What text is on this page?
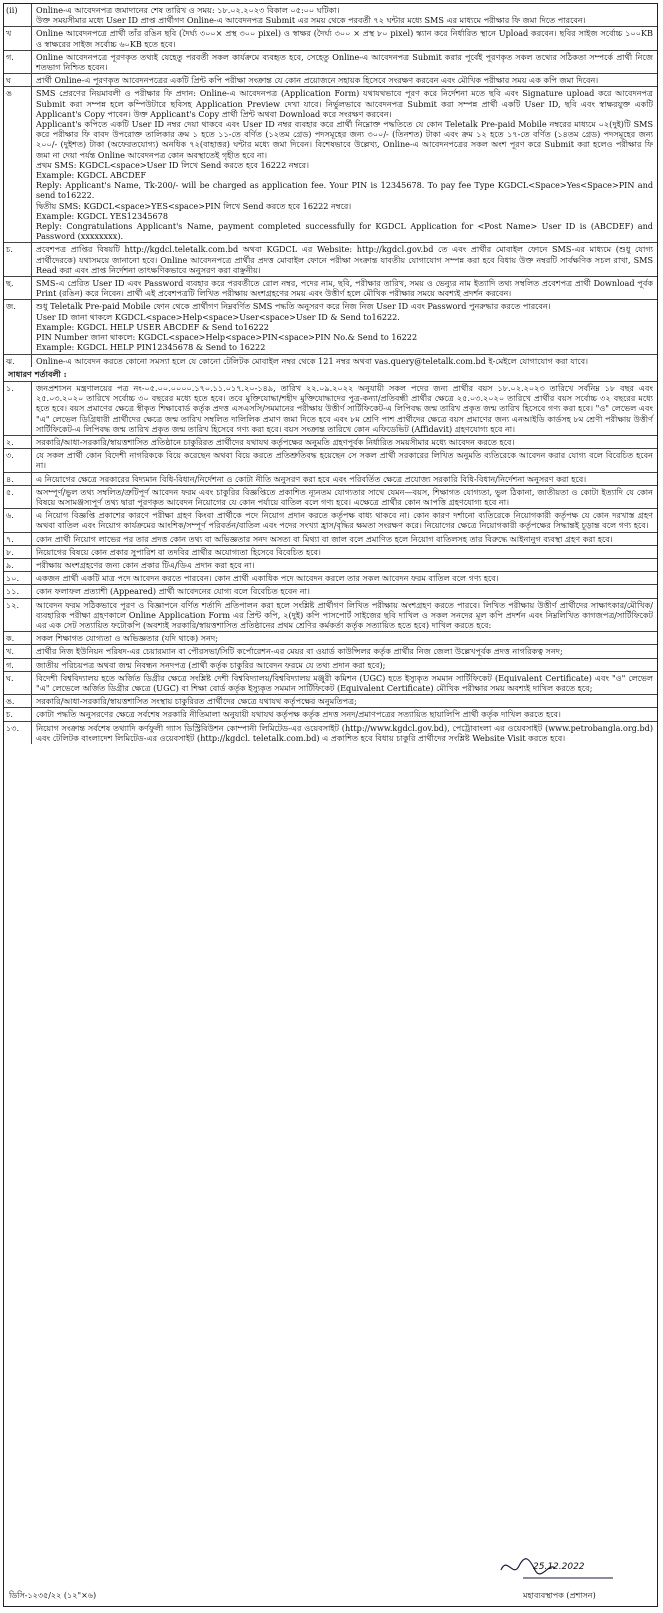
(ii)	Online-এ আবেদনপত্র জমাদানের শেষ তারিখ ও সময়: ১৮.০২.২০২৩ বিকাল ০৫:০০ ঘটিকা।

উক্ত সময়সীমার মধ্যে User ID প্রাপ্ত প্রার্থীগণ Online-এ আবেদনপত্র Submit এর সময় থেকে পরবর্তী ৭২ ঘন্টার মধ্যে SMS এর মাধ্যমে পরীক্ষার ফি জমা দিতে পারবেন।

খ	Online আবেদনপত্রে প্রার্থী তাঁর রঙিন ছবি (দৈর্ঘ্য ৩০০× প্রস্থ ৩০০ pixel) ও স্বাক্ষর (দৈর্ঘ্য ৩০০ × প্রস্থ ৮০ pixel) স্ক্যান করে নির্ধারিত স্থানে Upload করবেন। ছবির সাইজ সর্বোচ্চ ১০০KB ও স্বাক্ষরের সাইজ সর্বোচ্চ ৬০KB হতে হবে।

গ.	Online আবেদনপত্রে পূরণকৃত তথ্যই যেহেতু পরবর্তী সকল কার্যক্রমে ব্যবহৃত হবে, সেহেতু Online-এ আবেদনপত্র Submit করার পূর্বেই পূরণকৃত সকল তথ্যের সঠিকতা সম্পর্কে প্রার্থী নিজে শতভাগ নিশ্চিত হবেন।

ঘ	প্রার্থী Online-এ পূরণকৃত আবেদনপত্রের একটি প্রিন্ট কপি পরীক্ষা সংক্রান্ত যে কোন প্রয়োজনে সহায়ক হিসেবে সংরক্ষণ করবেন এবং মৌখিক পরীক্ষার সময় এক কপি জমা দিবেন।

ঙ	SMS প্রেরণের নিয়মাবলী ও পরীক্ষার ফি প্রদান: Online-এ আবেদনপত্র (Application Form) যথাযথভাবে পূরণ করে নির্দেশনা মতে ছবি এবং Signature upload করে আবেদনপত্র Submit করা সম্পন্ন হলে কম্পিউটারে ছবিসহ Application Preview দেখা যাবে। নির্ভুলভাবে আবেদনপত্র Submit করা সম্পন্ন প্রার্থী একটি User ID, ছবি এবং স্বাক্ষরযুক্ত একটি Applicant's Copy পাবেন। উক্ত Applicant's Copy প্রার্থী প্রিন্ট অথবা Download করে সংরক্ষণ করবেন।

Applicant's কপিতে একটি User ID নম্বর দেয়া থাকবে এবং User ID নম্বর ব্যবহার করে প্রার্থী নিম্নোক্ত পদ্ধতিতে যে কোন Teletalk Pre-paid Mobile নম্বরের মাধ্যমে ০২(দুই)টি SMS করে পরীক্ষার ফি বাবদ উপরোক্ত তালিকার ক্রম ১ হতে ১১-তে বর্ণিত (১২তম গ্রেড) পদসমূহের জন্য ৩০০/- (তিনশত) টাকা এবং ক্রম ১২ হতে ১৭-তে বর্ণিত (১৪তম গ্রেড) পদসমূহের জন্য ২০০/- (দুইশত) টাকা (অফেরতযোগ্য) অনধিক ৭২(বাহাত্তর) ঘন্টার মধ্যে জমা দিবেন। বিশেষভাবে উল্লেখ্য, Online-এ আবেদনপত্রের সকল অংশ পূরণ করে Submit করা হলেও পরীক্ষার ফি জমা না দেয়া পর্যন্ত Online আবেদনপত্র কোন অবস্থাতেই গৃহীত হবে না।

প্রথম SMS: KGDCL<space>User ID লিখে Send করতে হবে 16222 নম্বরে।

Example: KGDCL ABCDEF

Reply: Applicant's Name, Tk-200/- will be charged as application fee. Your PIN is 12345678. To pay fee Type KGDCL<Space>Yes<Space>PIN and send to16222.

দ্বিতীয় SMS: KGDCL<space>YES<space>PIN লিখে Send করতে হবে 16222 নম্বরে।

Example: KGDCL YES12345678

Reply: Congratulations Applicant's Name, payment completed successfully for KGDCL Application for <Post Name> User ID is (ABCDEF) and Password (xxxxxxxx).

চ.	প্রবেশপত্র প্রাপ্তির বিষয়টি http://kgdcl.teletalk.com.bd অথবা KGDCL এর Website: http://kgdcl.gov.bd তে এবং প্রার্থীর মোবাইল ফোনে SMS-এর মাধ্যমে (শুধু যোগ্য প্রার্থীদেরকে) যথাসময়ে জানানো হবে। Online আবেদনপত্রে প্রার্থীর প্রদত্ত মোবাইল ফোনে পরীক্ষা সংক্রান্ত যাবতীয় যোগাযোগ সম্পন্ন করা হবে বিধায় উক্ত নম্বরটি সার্বক্ষণিক সচল রাখা, SMS Read করা এবং প্রাপ্ত নির্দেশনা তাৎক্ষণিকভাবে অনুসরণ করা বাঞ্ছনীয়।

ছ.	SMS-এ প্রেরিত User ID এবং Password ব্যবহার করে পরবর্তীতে রোল নম্বর, পদের নাম, ছবি, পরীক্ষার তারিখ, সময় ও ভেন্যুর নাম ইত্যাদি তথ্য সম্বলিত প্রবেশপত্র প্রার্থী Download পূর্বক Print (রঙিন) করে নিবেন। প্রার্থী এই প্রবেশপত্রটি লিখিত পরীক্ষায় অংশগ্রহণের সময় এবং উত্তীর্ণ হলে মৌখিক পরীক্ষার সময়ে অবশ্যই প্রদর্শন করবেন।

জ.	শুধু Teletalk Pre-paid Mobile ফোন থেকে প্রার্থীগণ নিম্নবর্ণিত SMS পদ্ধতি অনুসরণ করে নিজ নিজ User ID এবং Password পুনরুদ্ধার করতে পারবেন।

User ID জানা থাকলে KGDCL<space>Help<space>User<space>User ID & Send to16222.

Example: KGDCL HELP USER ABCDEF & Send to16222

PIN Number জানা থাকলে: KGDCL<space>Help<space>PIN<space>PIN No.& Send to 16222

Example: KGDCL HELP PIN12345678 & Send to 16222

ঝ.	Online-এ আবেদন করতে কোনো সমস্যা হলে যে কোনো টেলিটক মোবাইল নম্বর থেকে 121 নম্বর অথবা vas.query@teletalk.com.bd ই-মেইলে যোগাযোগ করা যাবে।

সাধারণ শর্তাবলী :
১.	জনপ্রশাসন মন্ত্রণালয়ের পত্র নং-০৫.০০.০০০০.১৭০.১১.০১৭.২০-১৪৯, তারিখ ২২.০৯.২০২২ অনুযায়ী সকল পদের জন্য প্রার্থীর বয়স ১৮.০২.২০২৩ তারিখে সর্বনিম্ন ১৮ বছর এবং ২৫.০৩.২০২০ তারিখে সর্বোচ্চ ৩০ বছরের মধ্যে হতে হবে। তবে মুক্তিযোদ্ধা/শহীদ মুক্তিযোদ্ধাদের পুত্র-কন্যা/প্রতিবন্ধী প্রার্থীর ক্ষেত্রে ২৫.০৩.২০২০ তারিখে প্রার্থীর বয়স সর্বোচ্চ ৩২ বছরের মধ্যে হতে হবে। বয়স প্রমাণের ক্ষেত্রে স্বীকৃত শিক্ষাবোর্ড কর্তৃক প্রদত্ত এসএসসি/সমমানের পরীক্ষায় উত্তীর্ণ সার্টিফিকেট-এ লিপিবদ্ধ জন্ম তারিখ প্রকৃত জন্ম তারিখ হিসেবে গণ্য করা হবে। "ও" লেভেল এবং "এ" লেভেল ডিগ্রিধারী প্রার্থীদের ক্ষেত্রে জন্ম তারিখ সম্বলিত দালিলিক প্রমাণ জমা দিতে হবে এবং ৮ম শ্রেণি পাশ প্রার্থীদের ক্ষেত্রে বয়স প্রমাণের জন্য এনআইডি কার্ডসহ ৮ম শ্রেণী পরীক্ষায় উত্তীর্ণ সার্টিফিকেট-এ লিপিবদ্ধ জন্ম তারিখ প্রকৃত জন্ম তারিখ হিসেবে গণ্য করা হবে। বয়স সংক্রান্ত তারিখে কোন এফিডেভিট (Affidavit) গ্রহণযোগ্য হবে না।

২.	সরকারি/আধা-সরকারি/স্বায়ত্তশাসিত প্রতিষ্ঠানে চাকুরিরত প্রার্থীদের যথাযথ কর্তৃপক্ষের অনুমতি গ্রহণপূর্বক নির্ধারিত সময়সীমার মধ্যে আবেদন করতে হবে।

৩.	যে সকল প্রার্থী কোন বিদেশী নাগরিককে বিয়ে করেছেন অথবা বিয়ে করতে প্রতিশ্রুতিবদ্ধ হয়েছেন সে সকল প্রার্থী সরকারের লিখিত অনুমতি ব্যতিরেকে আবেদন করার যোগ্য বলে বিবেচিত হবেন না।

৪.	এ নিয়োগের ক্ষেত্রে সরকারের বিদ্যমান বিধি-বিধান/নির্দেশনা ও কোটা নীতি অনুসরণ করা হবে এবং পরিবর্তিত ক্ষেত্রে প্রযোজ্য সরকারি বিধি-বিধান/নির্দেশনা অনুসরণ করা হবে।

৫.	অসম্পূর্ণ/ভুল তথ্য সম্বলিত/ত্রুটিপূর্ণ আবেদন ফরম এবং চাকুরির বিজ্ঞপ্তিতে প্রকাশিত ন্যূনতম যোগ্যতার সাথে যেমন—বয়স, শিক্ষাগত যোগ্যতা, ভুল ঠিকানা, জাতীয়তা ও কোটা ইত্যাদি যে কোন বিষয়ে অসামঞ্জস্যপূর্ণ তথ্য দ্বারা পূরণকৃত আবেদন নিয়োগের যে কোন পর্যায়ে বাতিল বলে গণ্য হবে। এক্ষেত্রে প্রার্থীর কোন আপত্তি গ্রহণযোগ্য হবে না।

৬.	এ নিয়োগ বিজ্ঞপ্তি প্রকাশের কারণে পরীক্ষা গ্রহণ কিংবা প্রার্থীকে পদে নিয়োগ প্রদান করতে কর্তৃপক্ষ বাধ্য থাকবে না। কোন কারণ দর্শানো ব্যতিরেকে নিয়োগকারী কর্তৃপক্ষ যে কোন দরখাস্ত গ্রহণ অথবা বাতিল এবং নিয়োগ কার্যক্রমের আংশিক/সম্পূর্ণ পরিবর্তন/বাতিল এবং পদের সংখ্যা হ্রাস/বৃদ্ধির ক্ষমতা সংরক্ষণ করে। নিয়োগের ক্ষেত্রে নিয়োগকারী কর্তৃপক্ষের সিদ্ধান্তই চূড়ান্ত বলে গণ্য হবে।

৭.	কোন প্রার্থী নিয়োগ লাভের পর তার প্রদত্ত কোন তথ্য বা অভিজ্ঞতার সনদ অসত্য বা মিথ্যা বা জাল বলে প্রমাণিত হলে নিয়োগ বাতিলসহ তার বিরুদ্ধে আইনানুগ ব্যবস্থা গ্রহণ করা হবে।

৮.	নিয়োগের বিষয়ে কোন প্রকার সুপারিশ বা তদবির প্রার্থীর অযোগ্যতা হিসেবে বিবেচিত হবে।

৯.	পরীক্ষায় অংশগ্রহণের জন্য কোন প্রকার টিএ/ডিএ প্রদান করা হবে না।

১০.	একজন প্রার্থী একটি মাত্র পদে আবেদন করতে পারবেন। কোন প্রার্থী একাধিক পদে আবেদন করলে তার সকল আবেদন ফরম বাতিল বলে গণ্য হবে।

১১.	কোন ফলাফল প্রত্যাশী (Appeared) প্রার্থী আবেদনের যোগ্য বলে বিবেচিত হবেন না।

১২.	আবেদন ফরম সঠিকভাবে পূরণ ও বিজ্ঞাপনে বর্ণিত শর্তাদি প্রতিপালন করা হলে সংশ্লিষ্ট প্রার্থীগণ লিখিত পরীক্ষায় অংশগ্রহণ করতে পারবে। লিখিত পরীক্ষায় উত্তীর্ণ প্রার্থীদের সাক্ষাৎকার/মৌখিক/ব্যবহারিক পরীক্ষা গ্রহণকালে Online Application Form এর প্রিন্ট কপি, ২(দুই) কপি পাসপোর্ট সাইজের ছবি দাখিল ও সকল সনদের মূল কপি প্রদর্শন এবং নিম্নলিখিত কাগজপত্র/সার্টিফিকেট এর এক সেট সত্যায়িত ফটোকপি (অবশ্যই সরকারি/স্বায়ত্তশাসিত প্রতিষ্ঠানের প্রথম শ্রেণির কর্মকর্তা কর্তৃক সত্যায়িত হতে হবে) দাখিল করতে হবে:

ক.	সকল শিক্ষাগত যোগ্যতা ও অভিজ্ঞতার (যদি থাকে) সনদ;

খ.	প্রার্থীর নিজ ইউনিয়ন পরিষদ-এর চেয়ারম্যান বা পৌরসভা/সিটি কর্পোরেশন-এর মেয়র বা ওয়ার্ড কাউন্সিলর কর্তৃক প্রার্থীর নিজ জেলা উল্লেখপূর্বক প্রদত্ত নাগরিকত্ব সনদ;

গ.	জাতীয় পরিচয়পত্র অথবা জন্ম নিবন্ধন সনদপত্র (প্রার্থী কর্তৃক চাকুরির আবেদন ফরমে যে তথ্য প্রদান করা হবে);

ঘ.	বিদেশী বিশ্ববিদ্যালয় হতে অর্জিত ডিগ্রীর ক্ষেত্রে সংশ্লিষ্ট দেশী বিশ্ববিদ্যালয়/বিশ্ববিদ্যালয় মঞ্জুরী কমিশন (UGC) হতে ইস্যুকৃত সমমান সার্টিফিকেট (Equivalent Certificate) এবং "ও" লেভেল "এ" লেভেলে অর্জিত ডিগ্রীর ক্ষেত্রে (UGC) বা শিক্ষা বোর্ড কর্তৃক ইস্যুকৃত সমমান সার্টিফিকেট (Equivalent Certificate) মৌখিক পরীক্ষার সময় অবশ্যই দাখিল করতে হবে;

ঙ.	সরকারি/আধা-সরকারি/স্বায়ত্তশাসিত সংস্থায় চাকুরিরত প্রার্থীদের ক্ষেত্রে যথাযথ কর্তৃপক্ষের অনুমতিপত্র;

চ.	কোটা পদ্ধতি অনুসরণের ক্ষেত্রে সর্বশেষ সরকারি নীতিমালা অনুযায়ী যথাযথ কর্তৃপক্ষ কর্তৃক প্রদত্ত সনদ/প্রমাণপত্রের সত্যায়িত ছায়ালিপি প্রার্থী কর্তৃক দাখিল করতে হবে।

১৩.	নিয়োগ সংক্রান্ত সর্বশেষ তথ্যাদি কর্ণফুলী গ্যাস ডিস্ট্রিবিউশন কোম্পানী লিমিটেড-এর ওয়েবসাইট (http://www.kgdcl.gov.bd), পেট্রোবাংলা এর ওয়েবসাইট (www.petrobangla.org.bd) এবং টেলিটক বাংলাদেশ লিমিটেড-এর ওয়েবসাইট (http://kgdcl. teletalk.com.bd) এ প্রকাশিত হবে বিধায় চাকুরি প্রার্থীদের সংশ্লিষ্ট Website Visit করতে হবে।

ডিসি-১২৩৫/২২ (১২"×৬)
25.12.2022
মহাব্যবস্থাপক (প্রশাসন)
